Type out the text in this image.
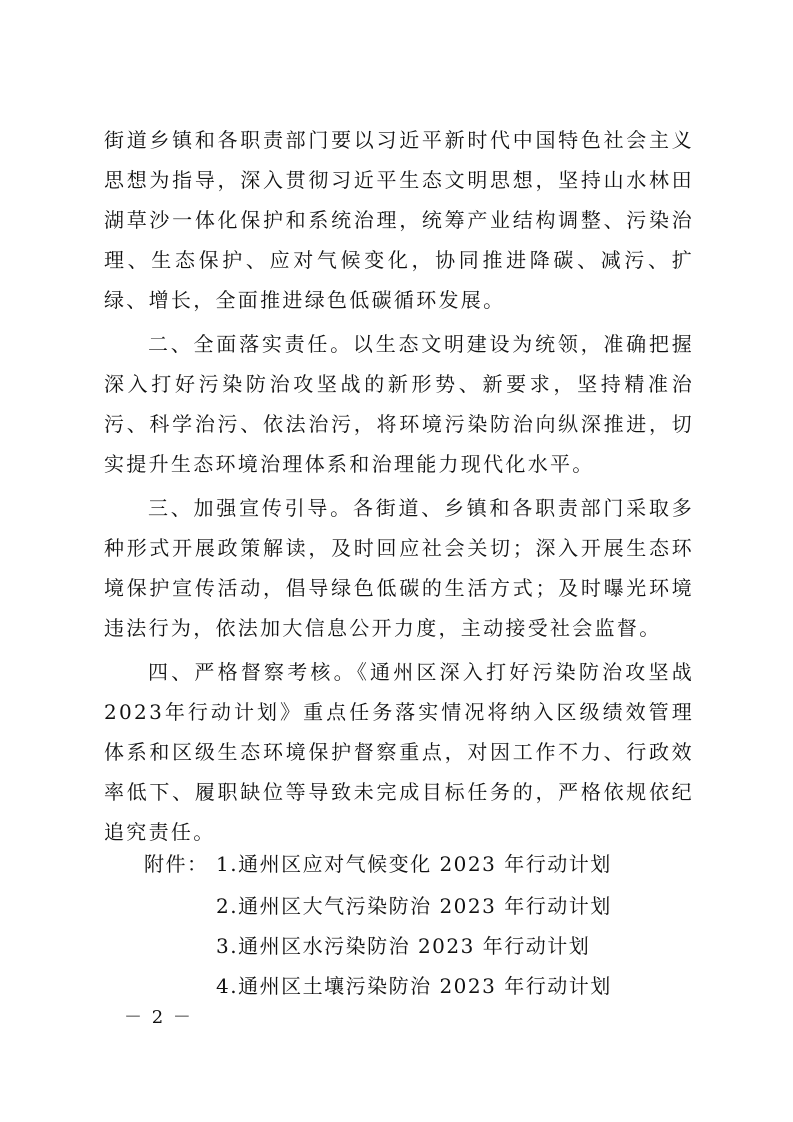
街道乡镇和各职责部门要以习近平新时代中国特色社会主义思想为指导，深入贯彻习近平生态文明思想，坚持山水林田湖草沙一体化保护和系统治理，统筹产业结构调整、污染治理、生态保护、应对气候变化，协同推进降碳、减污、扩绿、增长，全面推进绿色低碳循环发展。

二、全面落实责任。以生态文明建设为统领，准确把握深入打好污染防治攻坚战的新形势、新要求，坚持精准治污、科学治污、依法治污，将环境污染防治向纵深推进，切实提升生态环境治理体系和治理能力现代化水平。

三、加强宣传引导。各街道、乡镇和各职责部门采取多种形式开展政策解读，及时回应社会关切；深入开展生态环境保护宣传活动，倡导绿色低碳的生活方式；及时曝光环境违法行为，依法加大信息公开力度，主动接受社会监督。

四、严格督察考核。《通州区深入打好污染防治攻坚战2023年行动计划》重点任务落实情况将纳入区级绩效管理体系和区级生态环境保护督察重点，对因工作不力、行政效率低下、履职缺位等导致未完成目标任务的，严格依规依纪追究责任。

附件： 1.通州区应对气候变化 2023 年行动计划
2.通州区大气污染防治 2023 年行动计划
3.通州区水污染防治 2023 年行动计划
4.通州区土壤污染防治 2023 年行动计划
－ 2 －
